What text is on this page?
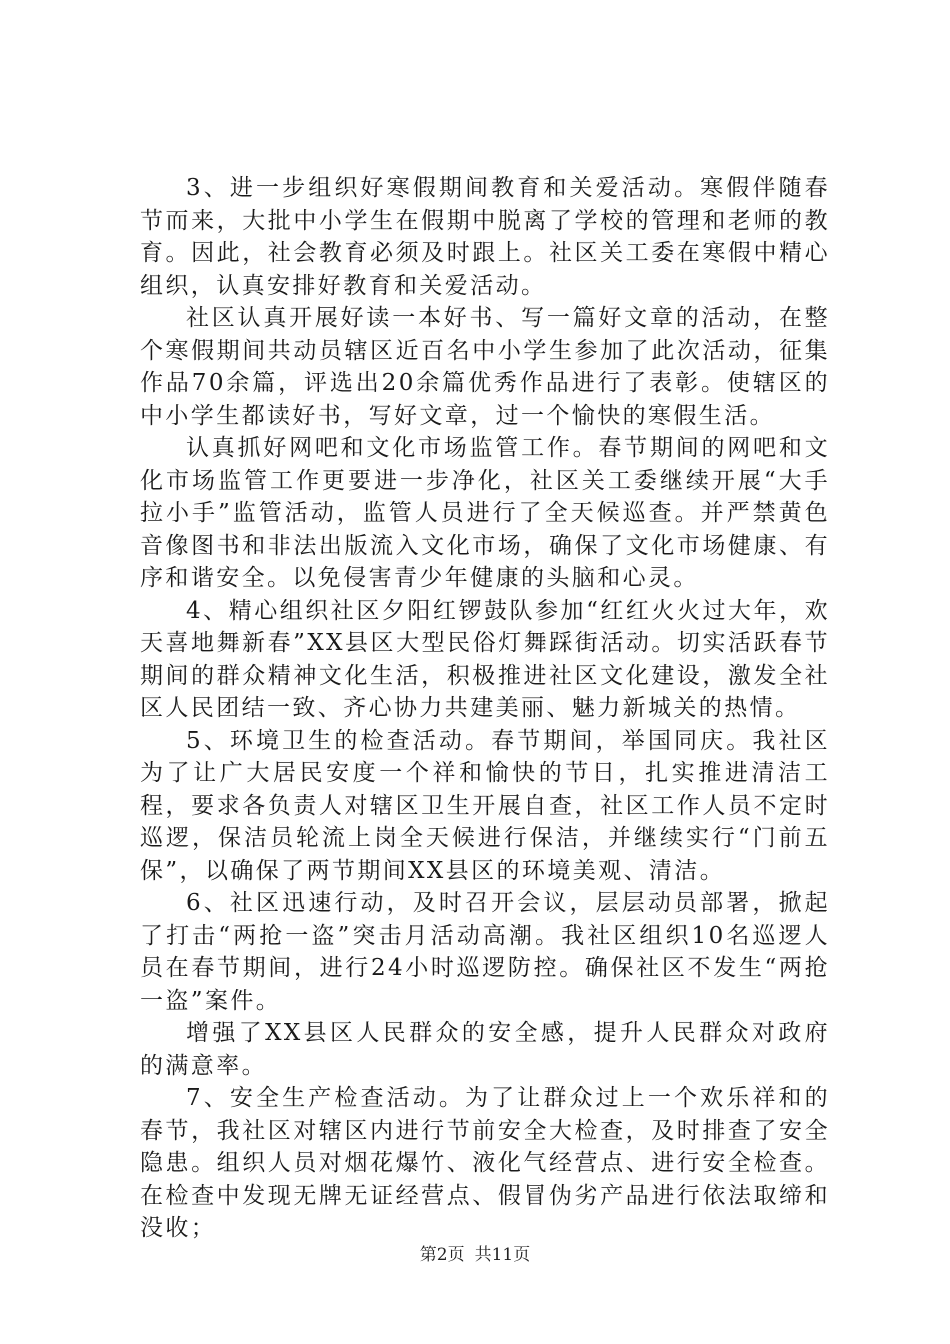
3、进一步组织好寒假期间教育和关爱活动。寒假伴随春节而来，大批中小学生在假期中脱离了学校的管理和老师的教育。因此，社会教育必须及时跟上。社区关工委在寒假中精心组织，认真安排好教育和关爱活动。

社区认真开展好读一本好书、写一篇好文章的活动，在整个寒假期间共动员辖区近百名中小学生参加了此次活动，征集作品70余篇，评选出20余篇优秀作品进行了表彰。使辖区的中小学生都读好书，写好文章，过一个愉快的寒假生活。

认真抓好网吧和文化市场监管工作。春节期间的网吧和文化市场监管工作更要进一步净化，社区关工委继续开展“大手拉小手”监管活动，监管人员进行了全天候巡查。并严禁黄色音像图书和非法出版流入文化市场，确保了文化市场健康、有序和谐安全。以免侵害青少年健康的头脑和心灵。

4、精心组织社区夕阳红锣鼓队参加“红红火火过大年，欢天喜地舞新春”XX县区大型民俗灯舞踩街活动。切实活跃春节期间的群众精神文化生活，积极推进社区文化建设，激发全社区人民团结一致、齐心协力共建美丽、魅力新城关的热情。

5、环境卫生的检查活动。春节期间，举国同庆。我社区为了让广大居民安度一个祥和愉快的节日，扎实推进清洁工程，要求各负责人对辖区卫生开展自查，社区工作人员不定时巡逻，保洁员轮流上岗全天候进行保洁，并继续实行“门前五保”，以确保了两节期间XX县区的环境美观、清洁。

6、社区迅速行动，及时召开会议，层层动员部署，掀起了打击“两抢一盗”突击月活动高潮。我社区组织10名巡逻人员在春节期间，进行24小时巡逻防控。确保社区不发生“两抢一盗”案件。

增强了XX县区人民群众的安全感，提升人民群众对政府的满意率。

7、安全生产检查活动。为了让群众过上一个欢乐祥和的春节，我社区对辖区内进行节前安全大检查，及时排查了安全隐患。组织人员对烟花爆竹、液化气经营点、进行安全检查。在检查中发现无牌无证经营点、假冒伪劣产品进行依法取缔和没收；

第2页 共11页
